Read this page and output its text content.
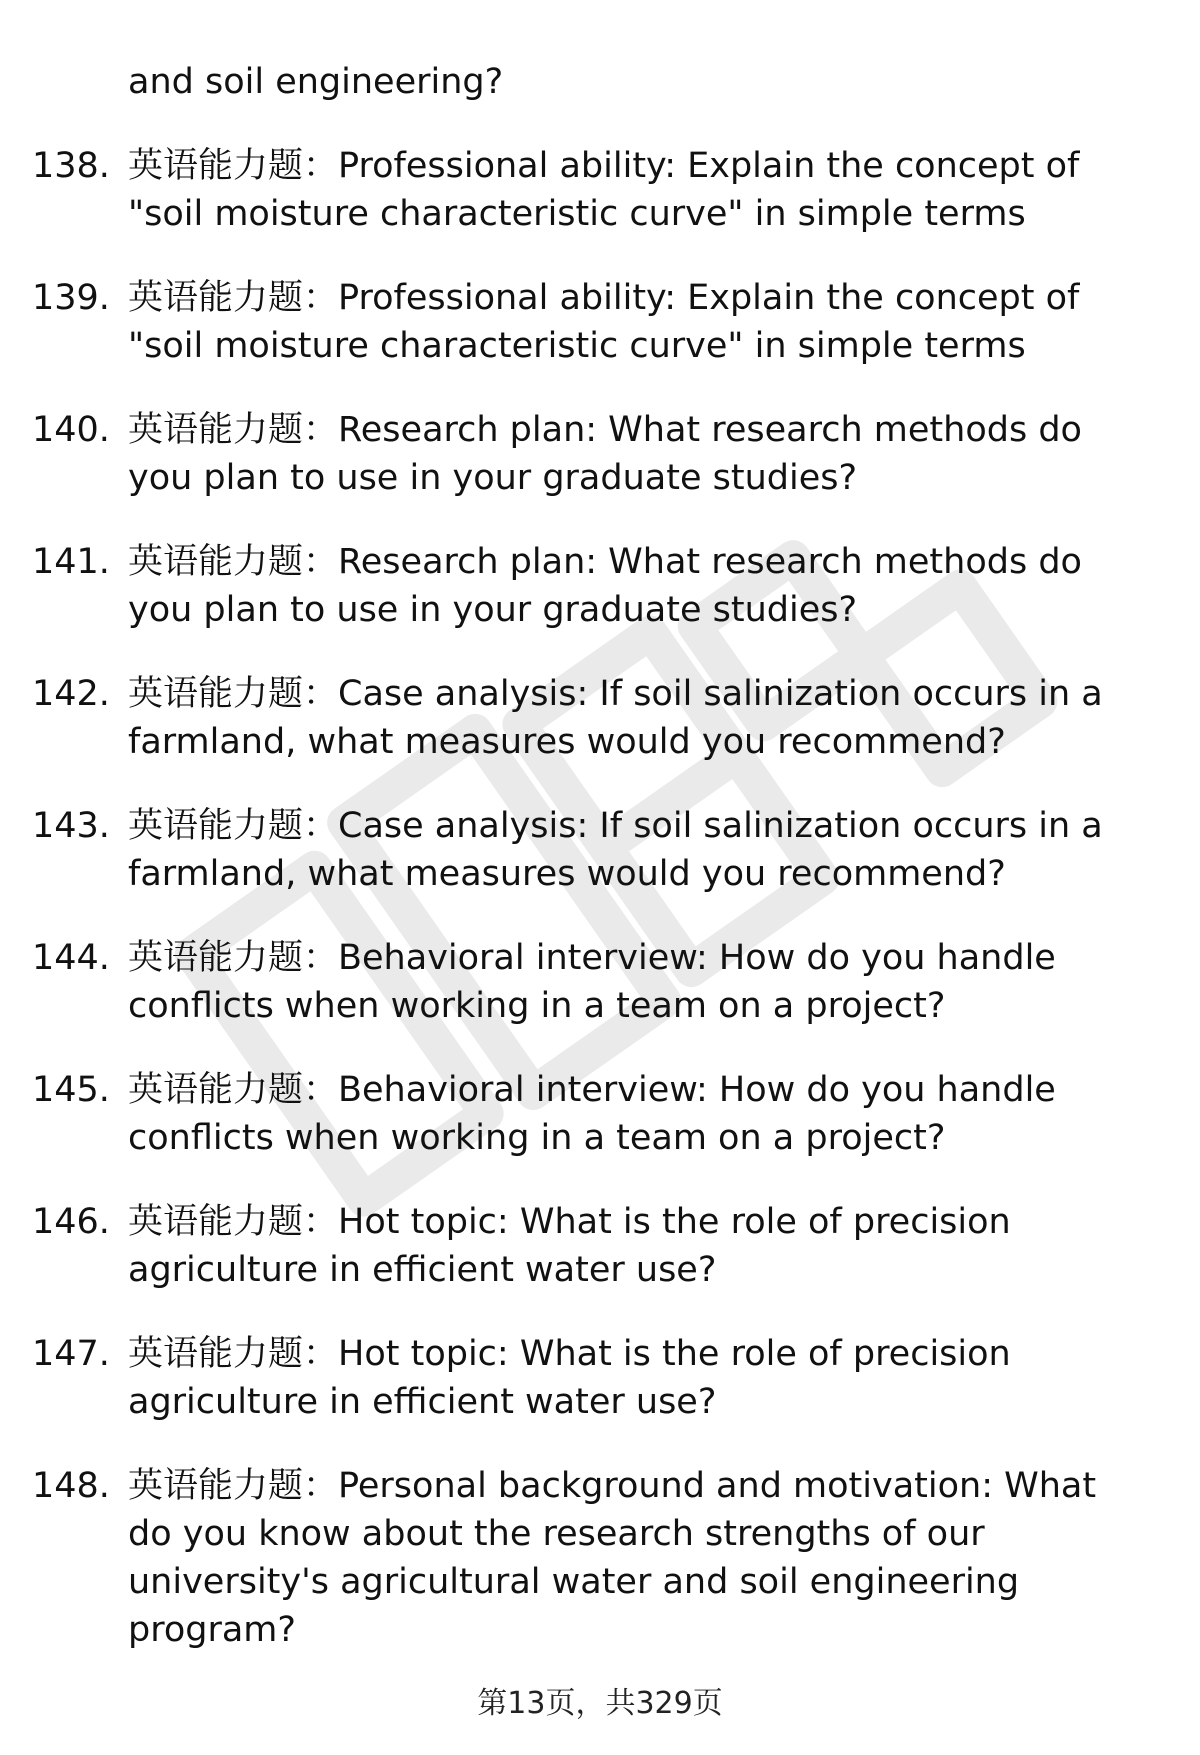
and soil engineering?
138. 英语能力题：Professional ability: Explain the concept of "soil moisture characteristic curve" in simple terms
139. 英语能力题：Professional ability: Explain the concept of "soil moisture characteristic curve" in simple terms
140. 英语能力题：Research plan: What research methods do you plan to use in your graduate studies?
141. 英语能力题：Research plan: What research methods do you plan to use in your graduate studies?
142. 英语能力题：Case analysis: If soil salinization occurs in a farmland, what measures would you recommend?
143. 英语能力题：Case analysis: If soil salinization occurs in a farmland, what measures would you recommend?
144. 英语能力题：Behavioral interview: How do you handle conflicts when working in a team on a project?
145. 英语能力题：Behavioral interview: How do you handle conflicts when working in a team on a project?
146. 英语能力题：Hot topic: What is the role of precision agriculture in efficient water use?
147. 英语能力题：Hot topic: What is the role of precision agriculture in efficient water use?
148. 英语能力题：Personal background and motivation: What do you know about the research strengths of our university's agricultural water and soil engineering program?
第13页，共329页
